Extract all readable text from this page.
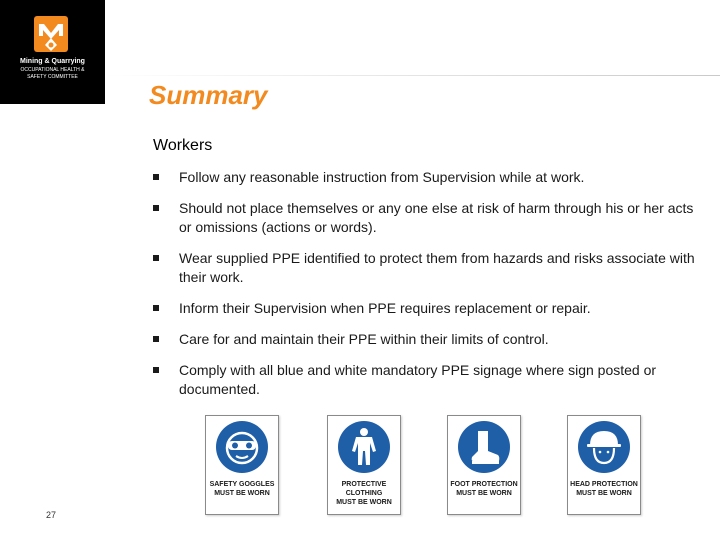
Mining & Quarrying
OCCUPATIONAL HEALTH &
SAFETY COMMITTEE
Summary
Workers
Follow any reasonable instruction from Supervision while at work.
Should not place themselves or any one else at risk of harm through his or her acts or omissions (actions or words).
Wear supplied PPE identified to protect them from hazards and risks associate with their work.
Inform their Supervision when PPE requires replacement or repair.
Care for and maintain their PPE within their limits of control.
Comply with all blue and white mandatory PPE signage where sign posted or documented.
SAFETY GOGGLES
MUST BE WORN
PROTECTIVE CLOTHING
MUST BE WORN
FOOT PROTECTION
MUST BE WORN
HEAD PROTECTION
MUST BE WORN
27
